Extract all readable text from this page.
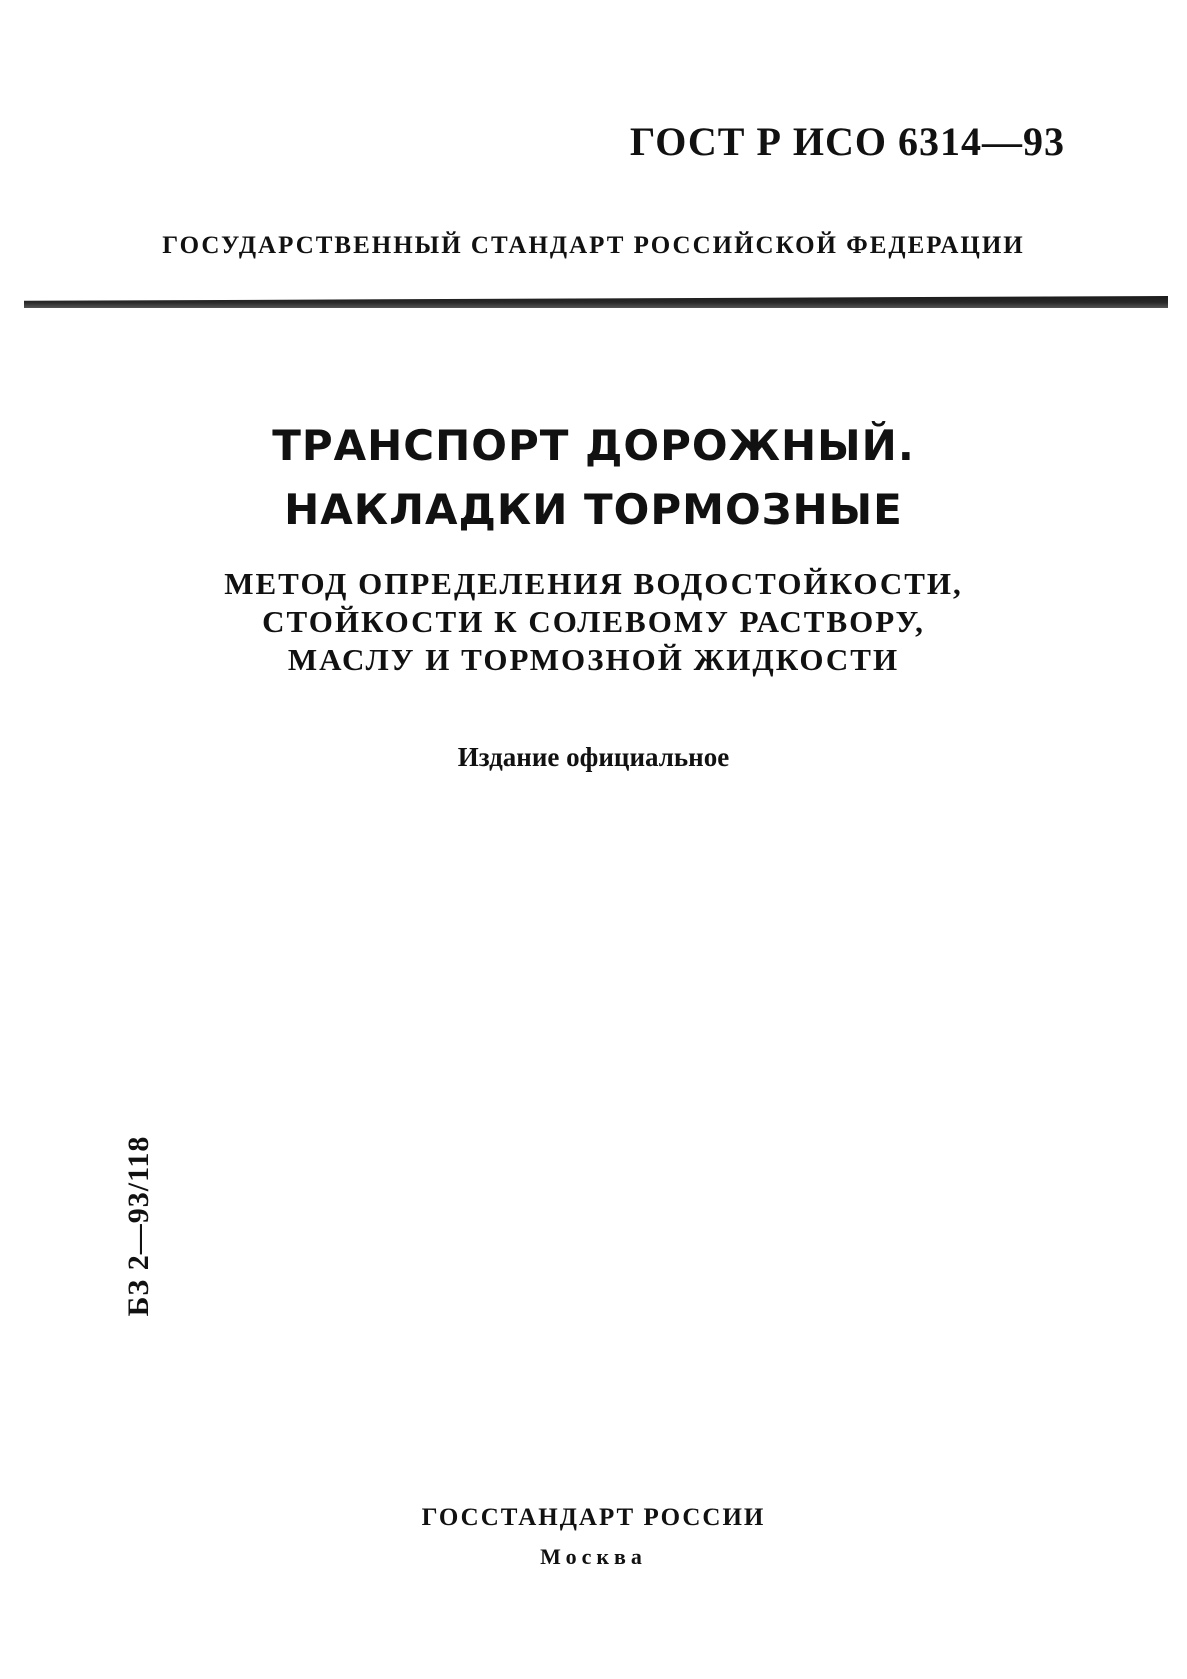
ГОСТ Р ИСО 6314—93
ГОСУДАРСТВЕННЫЙ СТАНДАРТ РОССИЙСКОЙ ФЕДЕРАЦИИ
ТРАНСПОРТ ДОРОЖНЫЙ.
НАКЛАДКИ ТОРМОЗНЫЕ
МЕТОД ОПРЕДЕЛЕНИЯ ВОДОСТОЙКОСТИ,
СТОЙКОСТИ К СОЛЕВОМУ РАСТВОРУ,
МАСЛУ И ТОРМОЗНОЙ ЖИДКОСТИ
Издание официальное
БЗ 2—93/118
ГОССТАНДАРТ РОССИИ
Москва
